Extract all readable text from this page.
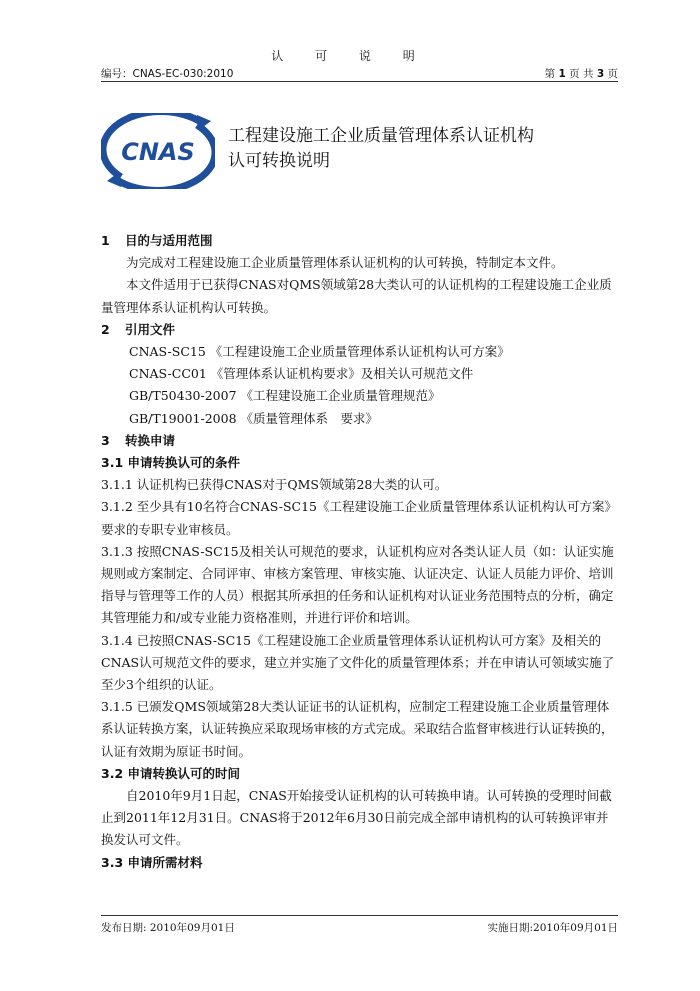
认 可 说 明
编号：CNAS-EC-030:2010	第 1 页 共 3 页
CNAS
工程建设施工企业质量管理体系认证机构
认可转换说明

1 目的与适用范围

为完成对工程建设施工企业质量管理体系认证机构的认可转换，特制定本文件。

本文件适用于已获得CNAS对QMS领域第28大类认可的认证机构的工程建设施工企业质量管理体系认证机构认可转换。

2 引用文件

CNAS-SC15 《工程建设施工企业质量管理体系认证机构认可方案》

CNAS-CC01 《管理体系认证机构要求》及相关认可规范文件

GB/T50430-2007 《工程建设施工企业质量管理规范》

GB/T19001-2008 《质量管理体系　要求》

3 转换申请

3.1 申请转换认可的条件

3.1.1 认证机构已获得CNAS对于QMS领域第28大类的认可。

3.1.2 至少具有10名符合CNAS-SC15《工程建设施工企业质量管理体系认证机构认可方案》要求的专职专业审核员。

3.1.3 按照CNAS-SC15及相关认可规范的要求，认证机构应对各类认证人员（如：认证实施规则或方案制定、合同评审、审核方案管理、审核实施、认证决定、认证人员能力评价、培训指导与管理等工作的人员）根据其所承担的任务和认证机构对认证业务范围特点的分析，确定其管理能力和/或专业能力资格准则，并进行评价和培训。

3.1.4 已按照CNAS-SC15《工程建设施工企业质量管理体系认证机构认可方案》及相关的CNAS认可规范文件的要求，建立并实施了文件化的质量管理体系；并在申请认可领域实施了至少3个组织的认证。

3.1.5 已颁发QMS领域第28大类认证证书的认证机构，应制定工程建设施工企业质量管理体系认证转换方案，认证转换应采取现场审核的方式完成。采取结合监督审核进行认证转换的，认证有效期为原证书时间。

3.2 申请转换认可的时间

自2010年9月1日起，CNAS开始接受认证机构的认可转换申请。认可转换的受理时间截止到2011年12月31日。CNAS将于2012年6月30日前完成全部申请机构的认可转换评审并换发认可文件。

3.3 申请所需材料

发布日期: 2010年09月01日	实施日期:2010年09月01日
